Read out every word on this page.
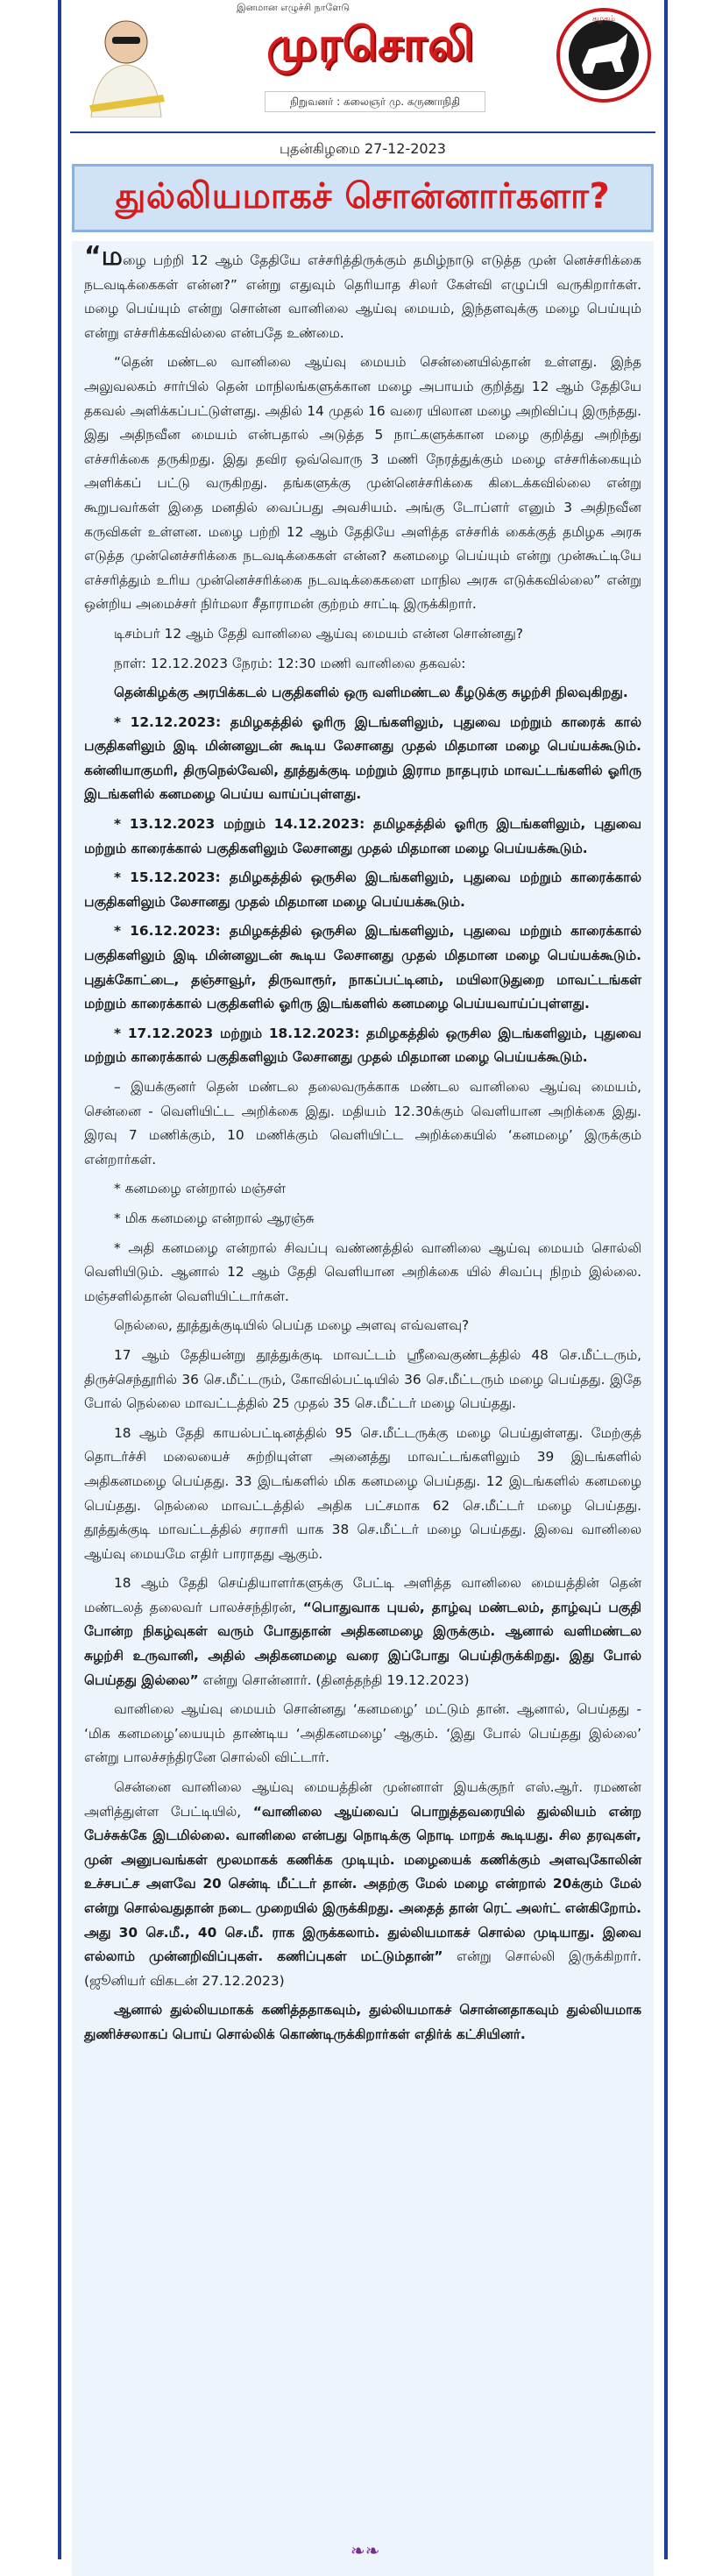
இனமான எழுச்சி நாளேடு
முரசொலி
நிறுவனர் : கலைஞர் மு. கருணாநிதி
கழகம்
புதன்கிழமை 27-12-2023
துல்லியமாகச் சொன்னார்களா?

“மழை பற்றி 12 ஆம் தேதியே எச்சரித்திருக்கும் தமிழ்நாடு எடுத்த முன் னெச்சரிக்கை நடவடிக்கைகள் என்ன?” என்று எதுவும் தெரியாத சிலர் கேள்வி எழுப்பி வருகிறார்கள். மழை பெய்யும் என்று சொன்ன வானிலை ஆய்வு மையம், இந்தளவுக்கு மழை பெய்யும் என்று எச்சரிக்கவில்லை என்பதே உண்மை.

“தென் மண்டல வானிலை ஆய்வு மையம் சென்னையில்தான் உள்ளது. இந்த அலுவலகம் சார்பில் தென் மாநிலங்களுக்கான மழை அபாயம் குறித்து 12 ஆம் தேதியே தகவல் அளிக்கப்பட்டுள்ளது. அதில் 14 முதல் 16 வரை யிலான மழை அறிவிப்பு இருந்தது. இது அதிநவீன மையம் என்பதால் அடுத்த 5 நாட்களுக்கான மழை குறித்து அறிந்து எச்சரிக்கை தருகிறது. இது தவிர ஒவ்வொரு 3 மணி நேரத்துக்கும் மழை எச்சரிக்கையும் அளிக்கப் பட்டு வருகிறது. தங்களுக்கு முன்னெச்சரிக்கை கிடைக்கவில்லை என்று கூறுபவர்கள் இதை மனதில் வைப்பது அவசியம். அங்கு டோப்ளர் எனும் 3 அதிநவீன கருவிகள் உள்ளன. மழை பற்றி 12 ஆம் தேதியே அளித்த எச்சரிக் கைக்குத் தமிழக அரசு எடுத்த முன்னெச்சரிக்கை நடவடிக்கைகள் என்ன? கனமழை பெய்யும் என்று முன்கூட்டியே எச்சரித்தும் உரிய முன்னெச்சரிக்கை நடவடிக்கைகளை மாநில அரசு எடுக்கவில்லை” என்று ஒன்றிய அமைச்சர் நிர்மலா சீதாராமன் குற்றம் சாட்டி இருக்கிறார்.

டிசம்பர் 12 ஆம் தேதி வானிலை ஆய்வு மையம் என்ன சொன்னது?

நாள்: 12.12.2023 நேரம்: 12:30 மணி வானிலை தகவல்:

தென்கிழக்கு அரபிக்கடல் பகுதிகளில் ஒரு வளிமண்டல கீழடுக்கு சுழற்சி நிலவுகிறது.

* 12.12.2023: தமிழகத்தில் ஓரிரு இடங்களிலும், புதுவை மற்றும் காரைக் கால் பகுதிகளிலும் இடி மின்னலுடன் கூடிய லேசானது முதல் மிதமான மழை பெய்யக்கூடும். கன்னியாகுமரி, திருநெல்வேலி, தூத்துக்குடி மற்றும் இராம நாதபுரம் மாவட்டங்களில் ஓரிரு இடங்களில் கனமழை பெய்ய வாய்ப்புள்ளது.

* 13.12.2023 மற்றும் 14.12.2023: தமிழகத்தில் ஓரிரு இடங்களிலும், புதுவை மற்றும் காரைக்கால் பகுதிகளிலும் லேசானது முதல் மிதமான மழை பெய்யக்கூடும்.

* 15.12.2023: தமிழகத்தில் ஒருசில இடங்களிலும், புதுவை மற்றும் காரைக்கால் பகுதிகளிலும் லேசானது முதல் மிதமான மழை பெய்யக்கூடும்.

* 16.12.2023: தமிழகத்தில் ஒருசில இடங்களிலும், புதுவை மற்றும் காரைக்கால் பகுதிகளிலும் இடி மின்னலுடன் கூடிய லேசானது முதல் மிதமான மழை பெய்யக்கூடும். புதுக்கோட்டை, தஞ்சாவூர், திருவாரூர், நாகப்பட்டினம், மயிலாடுதுறை மாவட்டங்கள் மற்றும் காரைக்கால் பகுதிகளில் ஓரிரு இடங்களில் கனமழை பெய்யவாய்ப்புள்ளது.

* 17.12.2023 மற்றும் 18.12.2023: தமிழகத்தில் ஒருசில இடங்களிலும், புதுவை மற்றும் காரைக்கால் பகுதிகளிலும் லேசானது முதல் மிதமான மழை பெய்யக்கூடும்.

– இயக்குனர் தென் மண்டல தலைவருக்காக மண்டல வானிலை ஆய்வு மையம், சென்னை - வெளியிட்ட அறிக்கை இது. மதியம் 12.30க்கும் வெளியான அறிக்கை இது. இரவு 7 மணிக்கும், 10 மணிக்கும் வெளியிட்ட அறிக்கையில் ‘கனமழை’ இருக்கும் என்றார்கள்.

* கனமழை என்றால் மஞ்சள்

* மிக கனமழை என்றால் ஆரஞ்சு

* அதி கனமழை என்றால் சிவப்பு வண்ணத்தில் வானிலை ஆய்வு மையம் சொல்லி வெளியிடும். ஆனால் 12 ஆம் தேதி வெளியான அறிக்கை யில் சிவப்பு நிறம் இல்லை. மஞ்சளில்தான் வெளியிட்டார்கள்.

நெல்லை, தூத்துக்குடியில் பெய்த மழை அளவு எவ்வளவு?

17 ஆம் தேதியன்று தூத்துக்குடி மாவட்டம் ஸ்ரீவைகுண்டத்தில் 48 செ.மீட்டரும், திருச்செந்தூரில் 36 செ.மீட்டரும், கோவில்பட்டியில் 36 செ.மீட்டரும் மழை பெய்தது. இதே போல் நெல்லை மாவட்டத்தில் 25 முதல் 35 செ.மீட்டர் மழை பெய்தது.

18 ஆம் தேதி காயல்பட்டினத்தில் 95 செ.மீட்டருக்கு மழை பெய்துள்ளது. மேற்குத் தொடர்ச்சி மலையைச் சுற்றியுள்ள அனைத்து மாவட்டங்களிலும் 39 இடங்களில் அதிகனமழை பெய்தது. 33 இடங்களில் மிக கனமழை பெய்தது. 12 இடங்களில் கனமழை பெய்தது. நெல்லை மாவட்டத்தில் அதிக பட்சமாக 62 செ.மீட்டர் மழை பெய்தது. தூத்துக்குடி மாவட்டத்தில் சராசரி யாக 38 செ.மீட்டர் மழை பெய்தது. இவை வானிலை ஆய்வு மையமே எதிர் பாராதது ஆகும்.

18 ஆம் தேதி செய்தியாளர்களுக்கு பேட்டி அளித்த வானிலை மையத்தின் தென் மண்டலத் தலைவர் பாலச்சந்திரன், “பொதுவாக புயல், தாழ்வு மண்டலம், தாழ்வுப் பகுதி போன்ற நிகழ்வுகள் வரும் போதுதான் அதிகனமழை இருக்கும். ஆனால் வளிமண்டல சுழற்சி உருவானி, அதில் அதிகனமழை வரை இப்போது பெய்திருக்கிறது. இது போல் பெய்தது இல்லை” என்று சொன்னார். (தினத்தந்தி 19.12.2023)

வானிலை ஆய்வு மையம் சொன்னது ‘கனமழை’ மட்டும் தான். ஆனால், பெய்தது - ‘மிக கனமழை’யையும் தாண்டிய ‘அதிகனமழை’ ஆகும். ‘இது போல் பெய்தது இல்லை’ என்று பாலச்சந்திரனே சொல்லி விட்டார்.

சென்னை வானிலை ஆய்வு மையத்தின் முன்னாள் இயக்குநர் எஸ்.ஆர். ரமணன் அளித்துள்ள பேட்டியில், “வானிலை ஆய்வைப் பொறுத்தவரையில் துல்லியம் என்ற பேச்சுக்கே இடமில்லை. வானிலை என்பது நொடிக்கு நொடி மாறக் கூடியது. சில தரவுகள், முன் அனுபவங்கள் மூலமாகக் கணிக்க முடியும். மழையைக் கணிக்கும் அளவுகோலின் உச்சபட்ச அளவே 20 சென்டி மீட்டர் தான். அதற்கு மேல் மழை என்றால் 20க்கும் மேல் என்று சொல்வதுதான் நடை முறையில் இருக்கிறது. அதைத் தான் ரெட் அலர்ட் என்கிறோம். அது 30 செ.மீ., 40 செ.மீ. ராக இருக்கலாம். துல்லியமாகச் சொல்ல முடியாது. இவை எல்லாம் முன்னறிவிப்புகள். கணிப்புகள் மட்டும்தான்” என்று சொல்லி இருக்கிறார். (ஜூனியர் விகடன் 27.12.2023)

ஆனால் துல்லியமாகக் கணித்ததாகவும், துல்லியமாகச் சொன்னதாகவும் துல்லியமாக துணிச்சலாகப் பொய் சொல்லிக் கொண்டிருக்கிறார்கள் எதிர்க் கட்சியினர்.

❧❧
